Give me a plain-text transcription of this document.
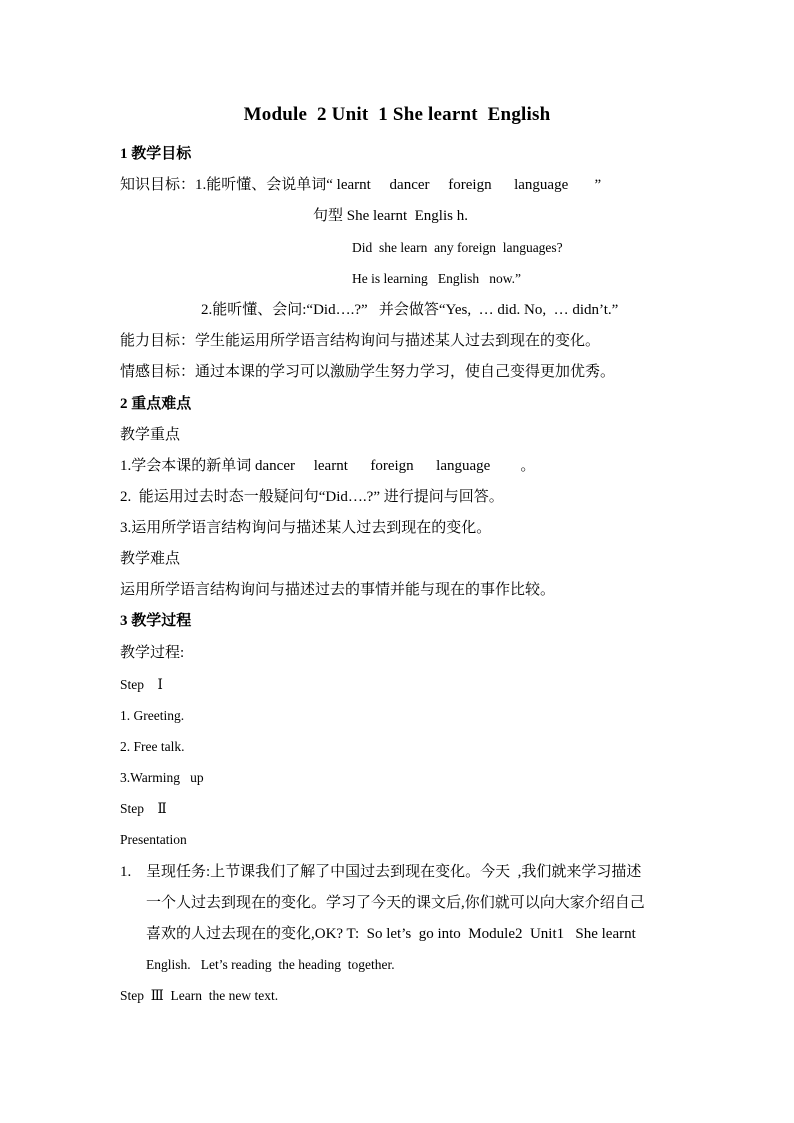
Module  2 Unit  1 She learnt  English
1 教学目标
知识目标：1.能听懂、会说单词“ learnt     dancer     foreign      language       ”
句型 She learnt  Englis h.
Did  she learn  any foreign  languages?
He is learning   English   now.”
2.能听懂、会问:“Did….?”   并会做答“Yes,  … did. No,  … didn’t.”
能力目标：学生能运用所学语言结构询问与描述某人过去到现在的变化。
情感目标：通过本课的学习可以激励学生努力学习，使自己变得更加优秀。
2 重点难点
教学重点
1.学会本课的新单词 dancer     learnt      foreign      language        。
2.  能运用过去时态一般疑问句“Did….?” 进行提问与回答。
3.运用所学语言结构询问与描述某人过去到现在的变化。
教学难点
运用所学语言结构询问与描述过去的事情并能与现在的事作比较。
3 教学过程
教学过程:
Step    Ⅰ
1. Greeting.
2. Free talk.
3.Warming   up
Step    Ⅱ
Presentation
1. 呈现任务:上节课我们了解了中国过去到现在变化。今天  ,我们就来学习描述
一个人过去到现在的变化。学习了今天的课文后,你们就可以向大家介绍自己
喜欢的人过去现在的变化,OK? T:  So let’s  go into  Module2  Unit1   She learnt
English.   Let’s reading  the heading  together.
Step  Ⅲ  Learn  the new text.
